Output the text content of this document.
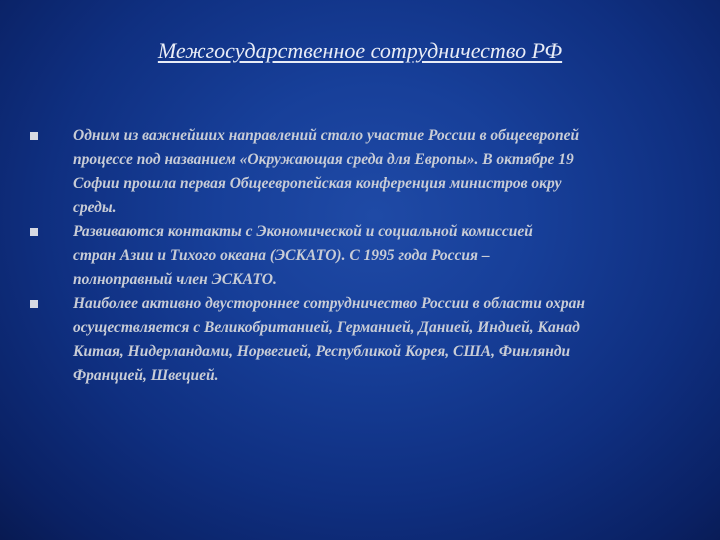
Межгосударственное сотрудничество РФ
Одним из важнейших направлений стало участие России в общеевропей
процессе под названием «Окружающая среда для Европы». В октябре 19
Софии прошла первая Общеевропейская конференция министров окру
среды.
Развиваются контакты с Экономической и социальной комиссией
стран Азии и Тихого океана (ЭСКАТО). С 1995 года Россия –
полноправный член ЭСКАТО.
Наиболее активно двустороннее сотрудничество России в области охран
осуществляется с Великобританией, Германией, Данией, Индией, Канад
Китая, Нидерландами, Норвегией, Республикой Корея, США, Финлянди
Францией, Швецией.
